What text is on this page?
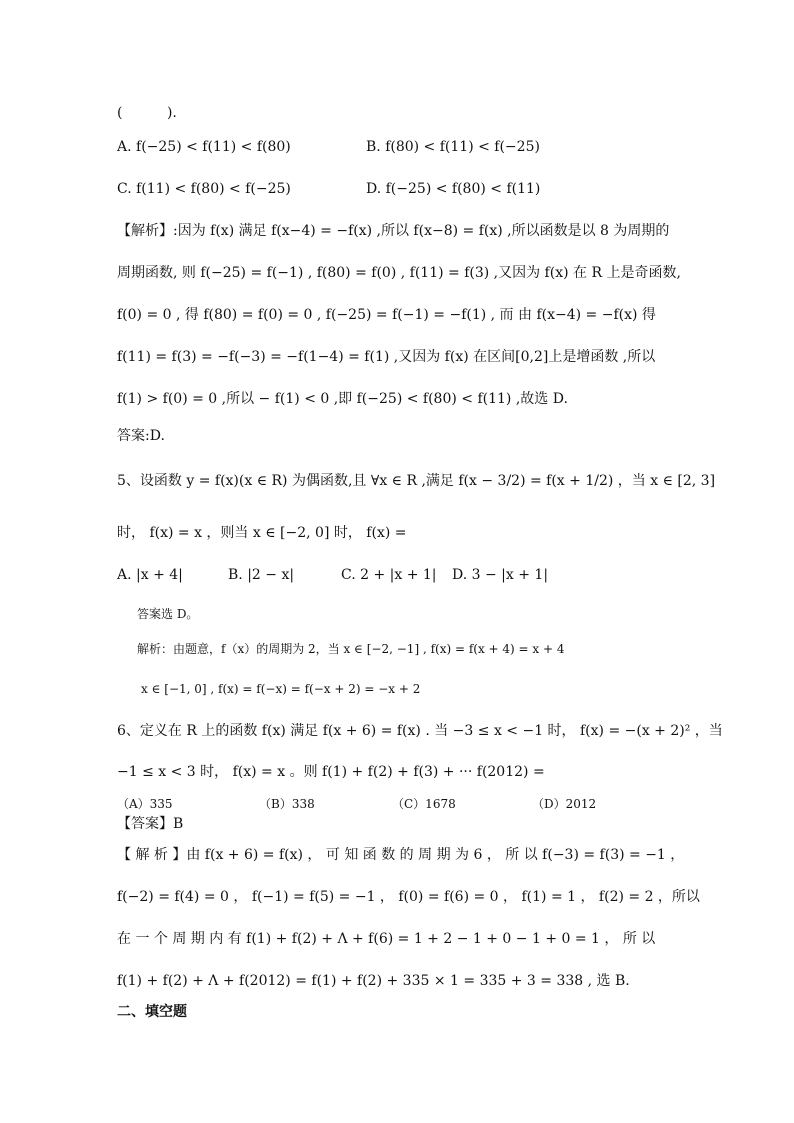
(          ).
A. f(−25) < f(11) < f(80)	B. f(80) < f(11) < f(−25)
C. f(11) < f(80) < f(−25)	D. f(−25) < f(80) < f(11)
【解析】:因为 f(x) 满足 f(x−4) = −f(x) ,所以 f(x−8) = f(x) ,所以函数是以 8 为周期的
周期函数, 则 f(−25) = f(−1) , f(80) = f(0) , f(11) = f(3) ,又因为 f(x) 在 R 上是奇函数,
f(0) = 0 , 得 f(80) = f(0) = 0 , f(−25) = f(−1) = −f(1) , 而 由 f(x−4) = −f(x) 得
f(11) = f(3) = −f(−3) = −f(1−4) = f(1) ,又因为 f(x) 在区间[0,2]上是增函数 ,所以
f(1) > f(0) = 0 ,所以 − f(1) < 0 ,即 f(−25) < f(80) < f(11) ,故选 D.
答案:D.
5、设函数 y = f(x)(x ∈ R) 为偶函数,且 ∀x ∈ R ,满足 f(x − 3/2) = f(x + 1/2) ，当 x ∈ [2, 3]
时， f(x) = x ，则当 x ∈ [−2, 0] 时， f(x) =
A. |x + 4|	B. |2 − x|	C. 2 + |x + 1| D. 3 − |x + 1|
答案选 D。
解析：由题意，f（x）的周期为 2，当 x ∈ [−2, −1] , f(x) = f(x + 4) = x + 4
x ∈ [−1, 0] , f(x) = f(−x) = f(−x + 2) = −x + 2
6、定义在 R 上的函数 f(x) 满足 f(x + 6) = f(x) . 当 −3 ≤ x < −1 时， f(x) = −(x + 2)² ，当
−1 ≤ x < 3 时， f(x) = x 。则 f(1) + f(2) + f(3) + ··· f(2012) =
（A）335	（B）338	（C）1678	（D）2012
【答案】B
【 解 析 】由 f(x + 6) = f(x) ， 可 知 函 数 的 周 期 为 6 ， 所 以 f(−3) = f(3) = −1 ，
f(−2) = f(4) = 0 ， f(−1) = f(5) = −1 ， f(0) = f(6) = 0 ， f(1) = 1 ， f(2) = 2 ，所以
在 一 个 周 期 内 有 f(1) + f(2) + Λ + f(6) = 1 + 2 − 1 + 0 − 1 + 0 = 1 ， 所 以
f(1) + f(2) + Λ + f(2012) = f(1) + f(2) + 335 × 1 = 335 + 3 = 338 , 选 B.
二、填空题
